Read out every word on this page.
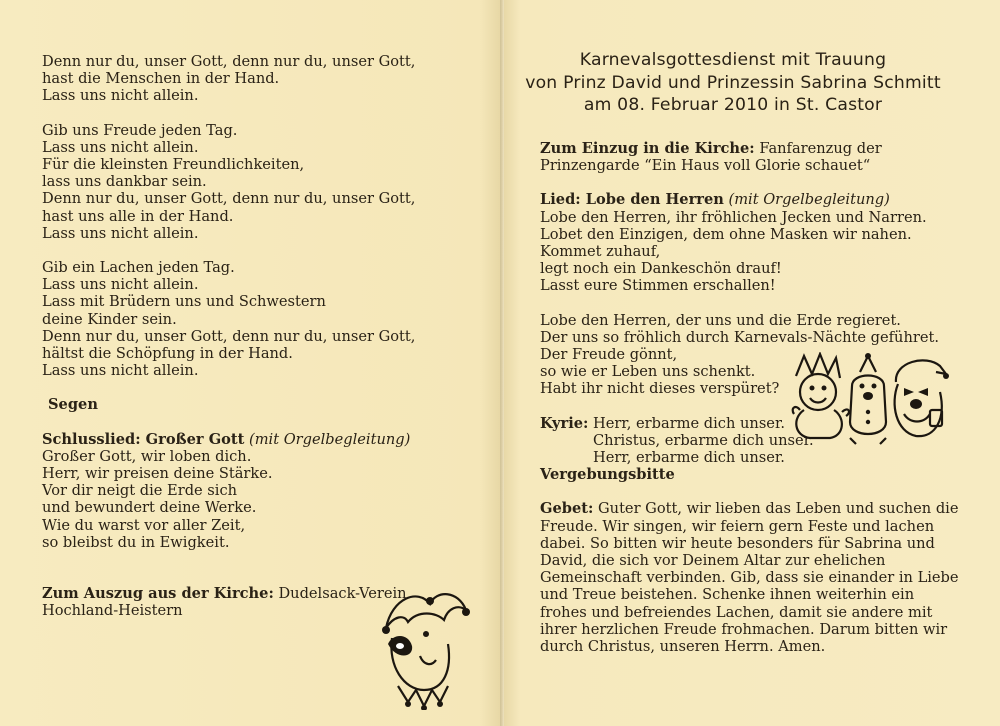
Denn nur du, unser Gott, denn nur du, unser Gott,
hast die Menschen in der Hand.
Lass uns nicht allein.
Gib uns Freude jeden Tag.
Lass uns nicht allein.
Für die kleinsten Freundlichkeiten,
lass uns dankbar sein.
Denn nur du, unser Gott, denn nur du, unser Gott,
hast uns alle in der Hand.
Lass uns nicht allein.
Gib ein Lachen jeden Tag.
Lass uns nicht allein.
Lass mit Brüdern uns und Schwestern
deine Kinder sein.
Denn nur du, unser Gott, denn nur du, unser Gott,
hältst die Schöpfung in der Hand.
Lass uns nicht allein.
Segen
Schlusslied: Großer Gott (mit Orgelbegleitung)
Großer Gott, wir loben dich.
Herr, wir preisen deine Stärke.
Vor dir neigt die Erde sich
und bewundert deine Werke.
Wie du warst vor aller Zeit,
so bleibst du in Ewigkeit.
Zum Auszug aus der Kirche: Dudelsack-Verein
Hochland-Heistern
Karnevalsgottesdienst mit Trauung
von Prinz David und Prinzessin Sabrina Schmitt
am 08. Februar 2010 in St. Castor
Zum Einzug in die Kirche: Fanfarenzug der
Prinzengarde “Ein Haus voll Glorie schauet“
Lied: Lobe den Herren (mit Orgelbegleitung)
Lobe den Herren, ihr fröhlichen Jecken und Narren.
Lobet den Einzigen, dem ohne Masken wir nahen.
Kommet zuhauf,
legt noch ein Dankeschön drauf!
Lasst eure Stimmen erschallen!
Lobe den Herren, der uns und die Erde regieret.
Der uns so fröhlich durch Karnevals-Nächte geführet.
Der Freude gönnt,
so wie er Leben uns schenkt.
Habt ihr nicht dieses verspüret?
Kyrie: Herr, erbarme dich unser.
Christus, erbarme dich unser.
Herr, erbarme dich unser.
Vergebungsbitte
Gebet: Guter Gott, wir lieben das Leben und suchen die
Freude. Wir singen, wir feiern gern Feste und lachen
dabei. So bitten wir heute besonders für Sabrina und
David, die sich vor Deinem Altar zur ehelichen
Gemeinschaft verbinden. Gib, dass sie einander in Liebe
und Treue beistehen. Schenke ihnen weiterhin ein
frohes und befreiendes Lachen, damit sie andere mit
ihrer herzlichen Freude frohmachen. Darum bitten wir
durch Christus, unseren Herrn. Amen.
